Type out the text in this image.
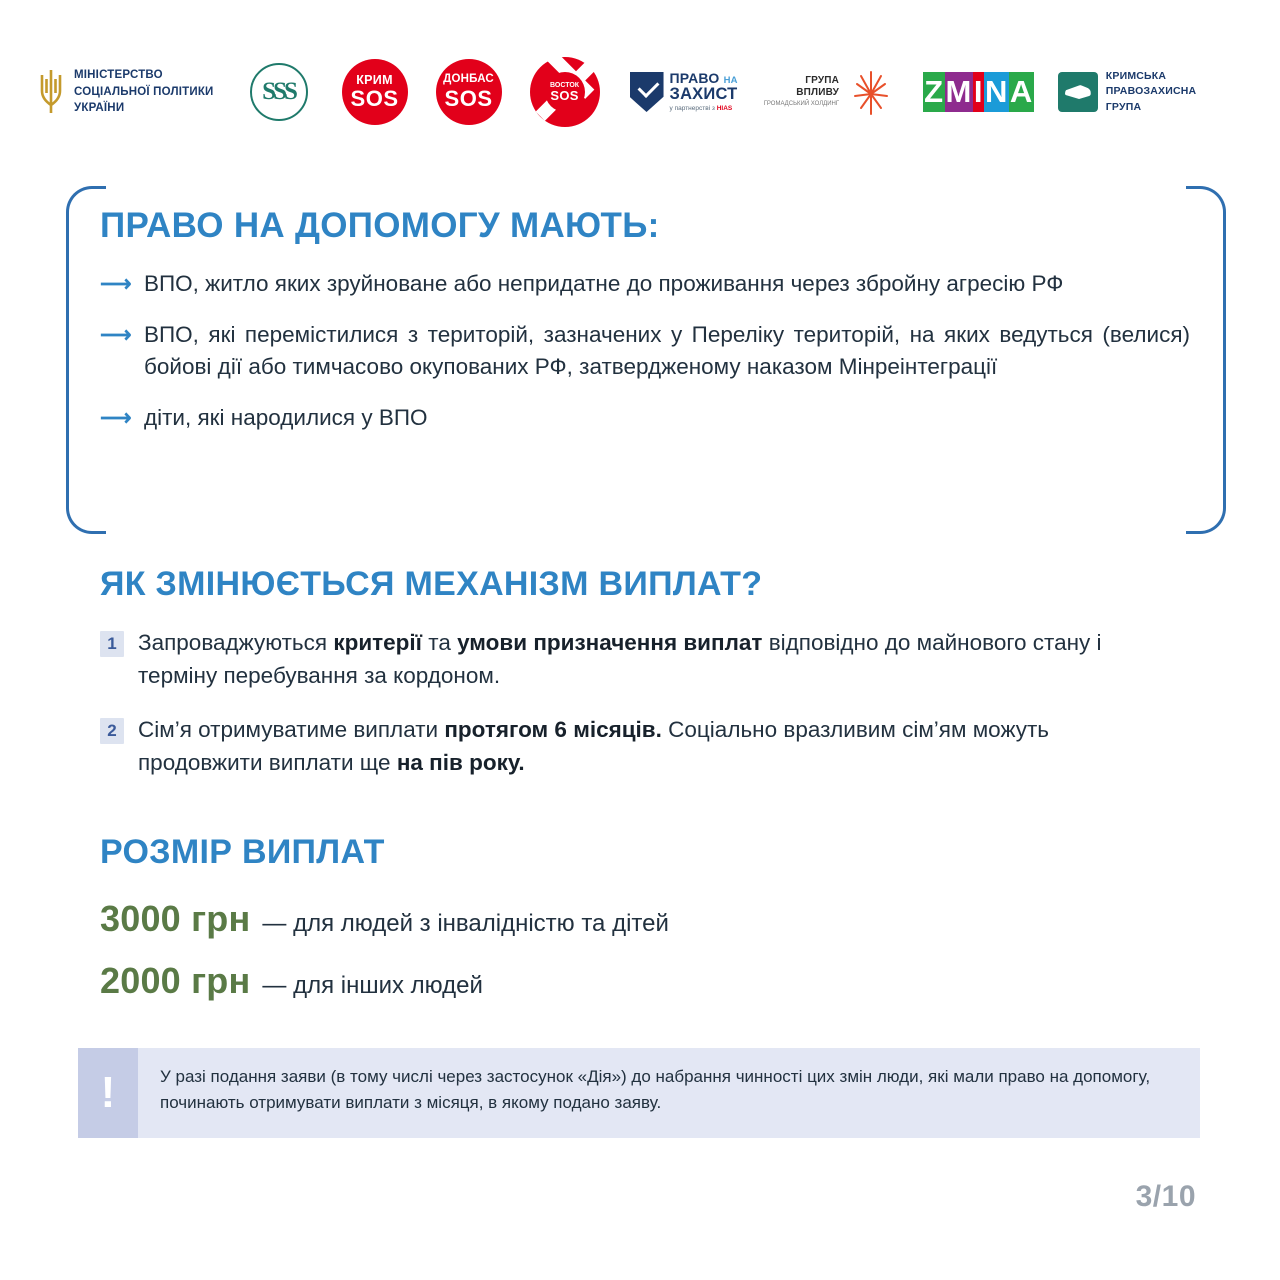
МІНІСТЕРСТВО
СОЦІАЛЬНОЇ ПОЛІТИКИ
УКРАЇНИ
SSS	КРИМ
SOS
ДОНБАС
SOS
ВОСТОК
SOS
ПРАВО НА
ЗАХИСТ
у партнерстві з HIAS
ГРУПА
ВПЛИВУ
ГРОМАДСЬКИЙ ХОЛДИНГ	Z M I N A	КРИМСЬКА
ПРАВОЗАХИСНА
ГРУПА
ПРАВО НА ДОПОМОГУ МАЮТЬ:
⟶ ВПО, житло яких зруйноване або непридатне до проживання через збройну агресію РФ
⟶ ВПО, які перемістилися з територій, зазначених у Переліку територій, на яких ведуться (велися) бойові дії або тимчасово окупованих РФ, затвердженому наказом Мінреінтеграції
⟶ діти, які народилися у ВПО
ЯК ЗМІНЮЄТЬСЯ МЕХАНІЗМ ВИПЛАТ?
1 Запроваджуються критерії та умови призначення виплат відповідно до майнового стану і терміну перебування за кордоном.
2 Сім’я отримуватиме виплати протягом 6 місяців. Соціально вразливим сім’ям можуть продовжити виплати ще на пів року.
РОЗМІР ВИПЛАТ
3000 грн — для людей з інвалідністю та дітей
2000 грн — для інших людей
!	У разі подання заяви (в тому числі через застосунок «Дія») до набрання чинності цих змін люди, які мали право на допомогу, починають отримувати виплати з місяця, в якому подано заяву.
3/10
